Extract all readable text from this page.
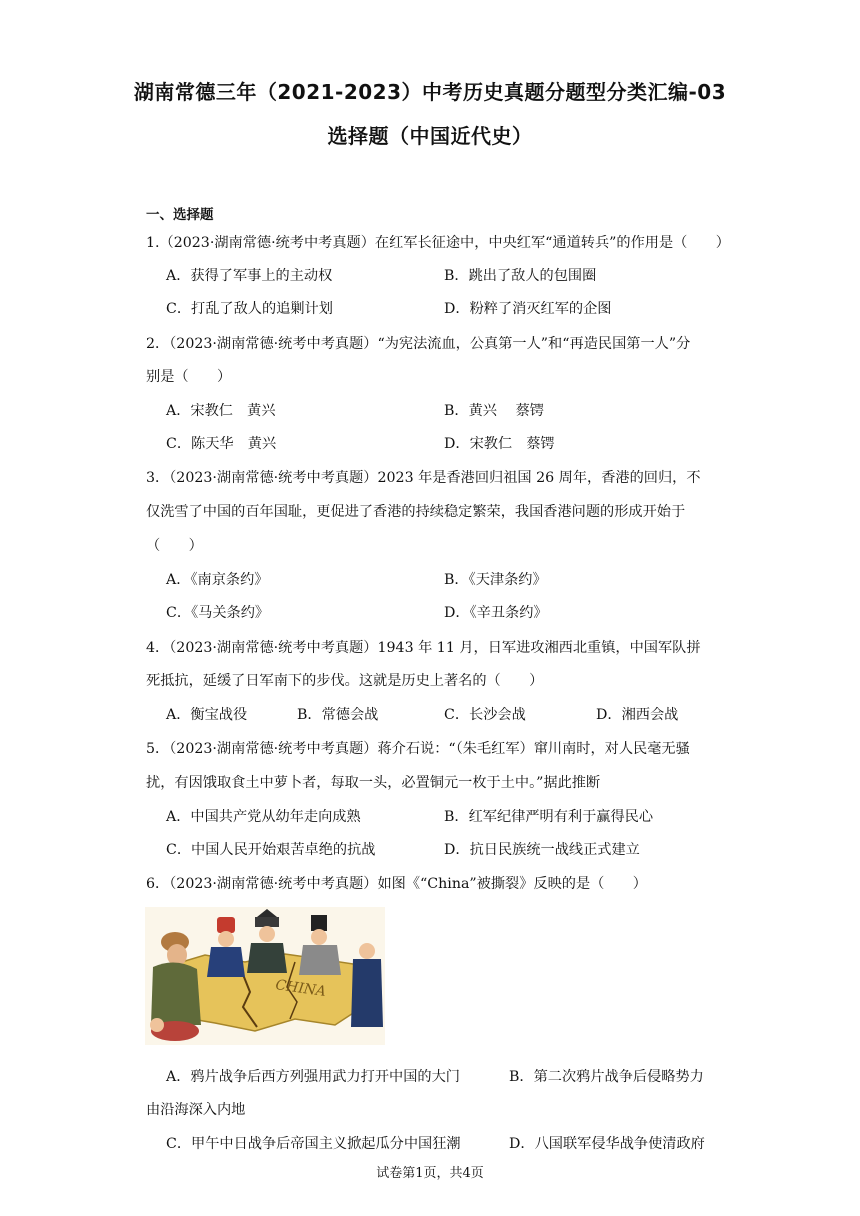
湖南常德三年（2021-2023）中考历史真题分题型分类汇编-03
选择题（中国近代史）
一、选择题
1.（2023·湖南常德·统考中考真题）在红军长征途中，中央红军“通道转兵”的作用是（　　）
A．获得了军事上的主动权	B．跳出了敌人的包围圈
C．打乱了敌人的追剿计划	D．粉粹了消灭红军的企图
2．（2023·湖南常德·统考中考真题）“为宪法流血，公真第一人”和“再造民国第一人”分
别是（　　）
A．宋教仁　黄兴	B．黄兴　 蔡锷
C．陈天华　黄兴	D．宋教仁　蔡锷
3．（2023·湖南常德·统考中考真题）2023 年是香港回归祖国 26 周年，香港的回归，不
仅洗雪了中国的百年国耻，更促进了香港的持续稳定繁荣，我国香港问题的形成开始于
（　　）
A．《南京条约》	B．《天津条约》
C．《马关条约》	D．《辛丑条约》
4．（2023·湖南常德·统考中考真题）1943 年 11 月，日军进攻湘西北重镇，中国军队拼
死抵抗，延缓了日军南下的步伐。这就是历史上著名的（　　）
A．衡宝战役	B．常德会战	C．长沙会战	D．湘西会战
5．（2023·湖南常德·统考中考真题）蒋介石说：“（朱毛红军）窜川南时，对人民毫无骚
扰，有因饿取食土中萝卜者，每取一头，必置铜元一枚于土中。”据此推断
A．中国共产党从幼年走向成熟	B．红军纪律严明有利于赢得民心
C．中国人民开始艰苦卓绝的抗战	D．抗日民族统一战线正式建立
6．（2023·湖南常德·统考中考真题）如图《“China”被撕裂》反映的是（　　）
CHINA
A．鸦片战争后西方列强用武力打开中国的大门	B．第二次鸦片战争后侵略势力
由沿海深入内地
C．甲午中日战争后帝国主义掀起瓜分中国狂潮	D．八国联军侵华战争使清政府
试卷第1页，共4页
